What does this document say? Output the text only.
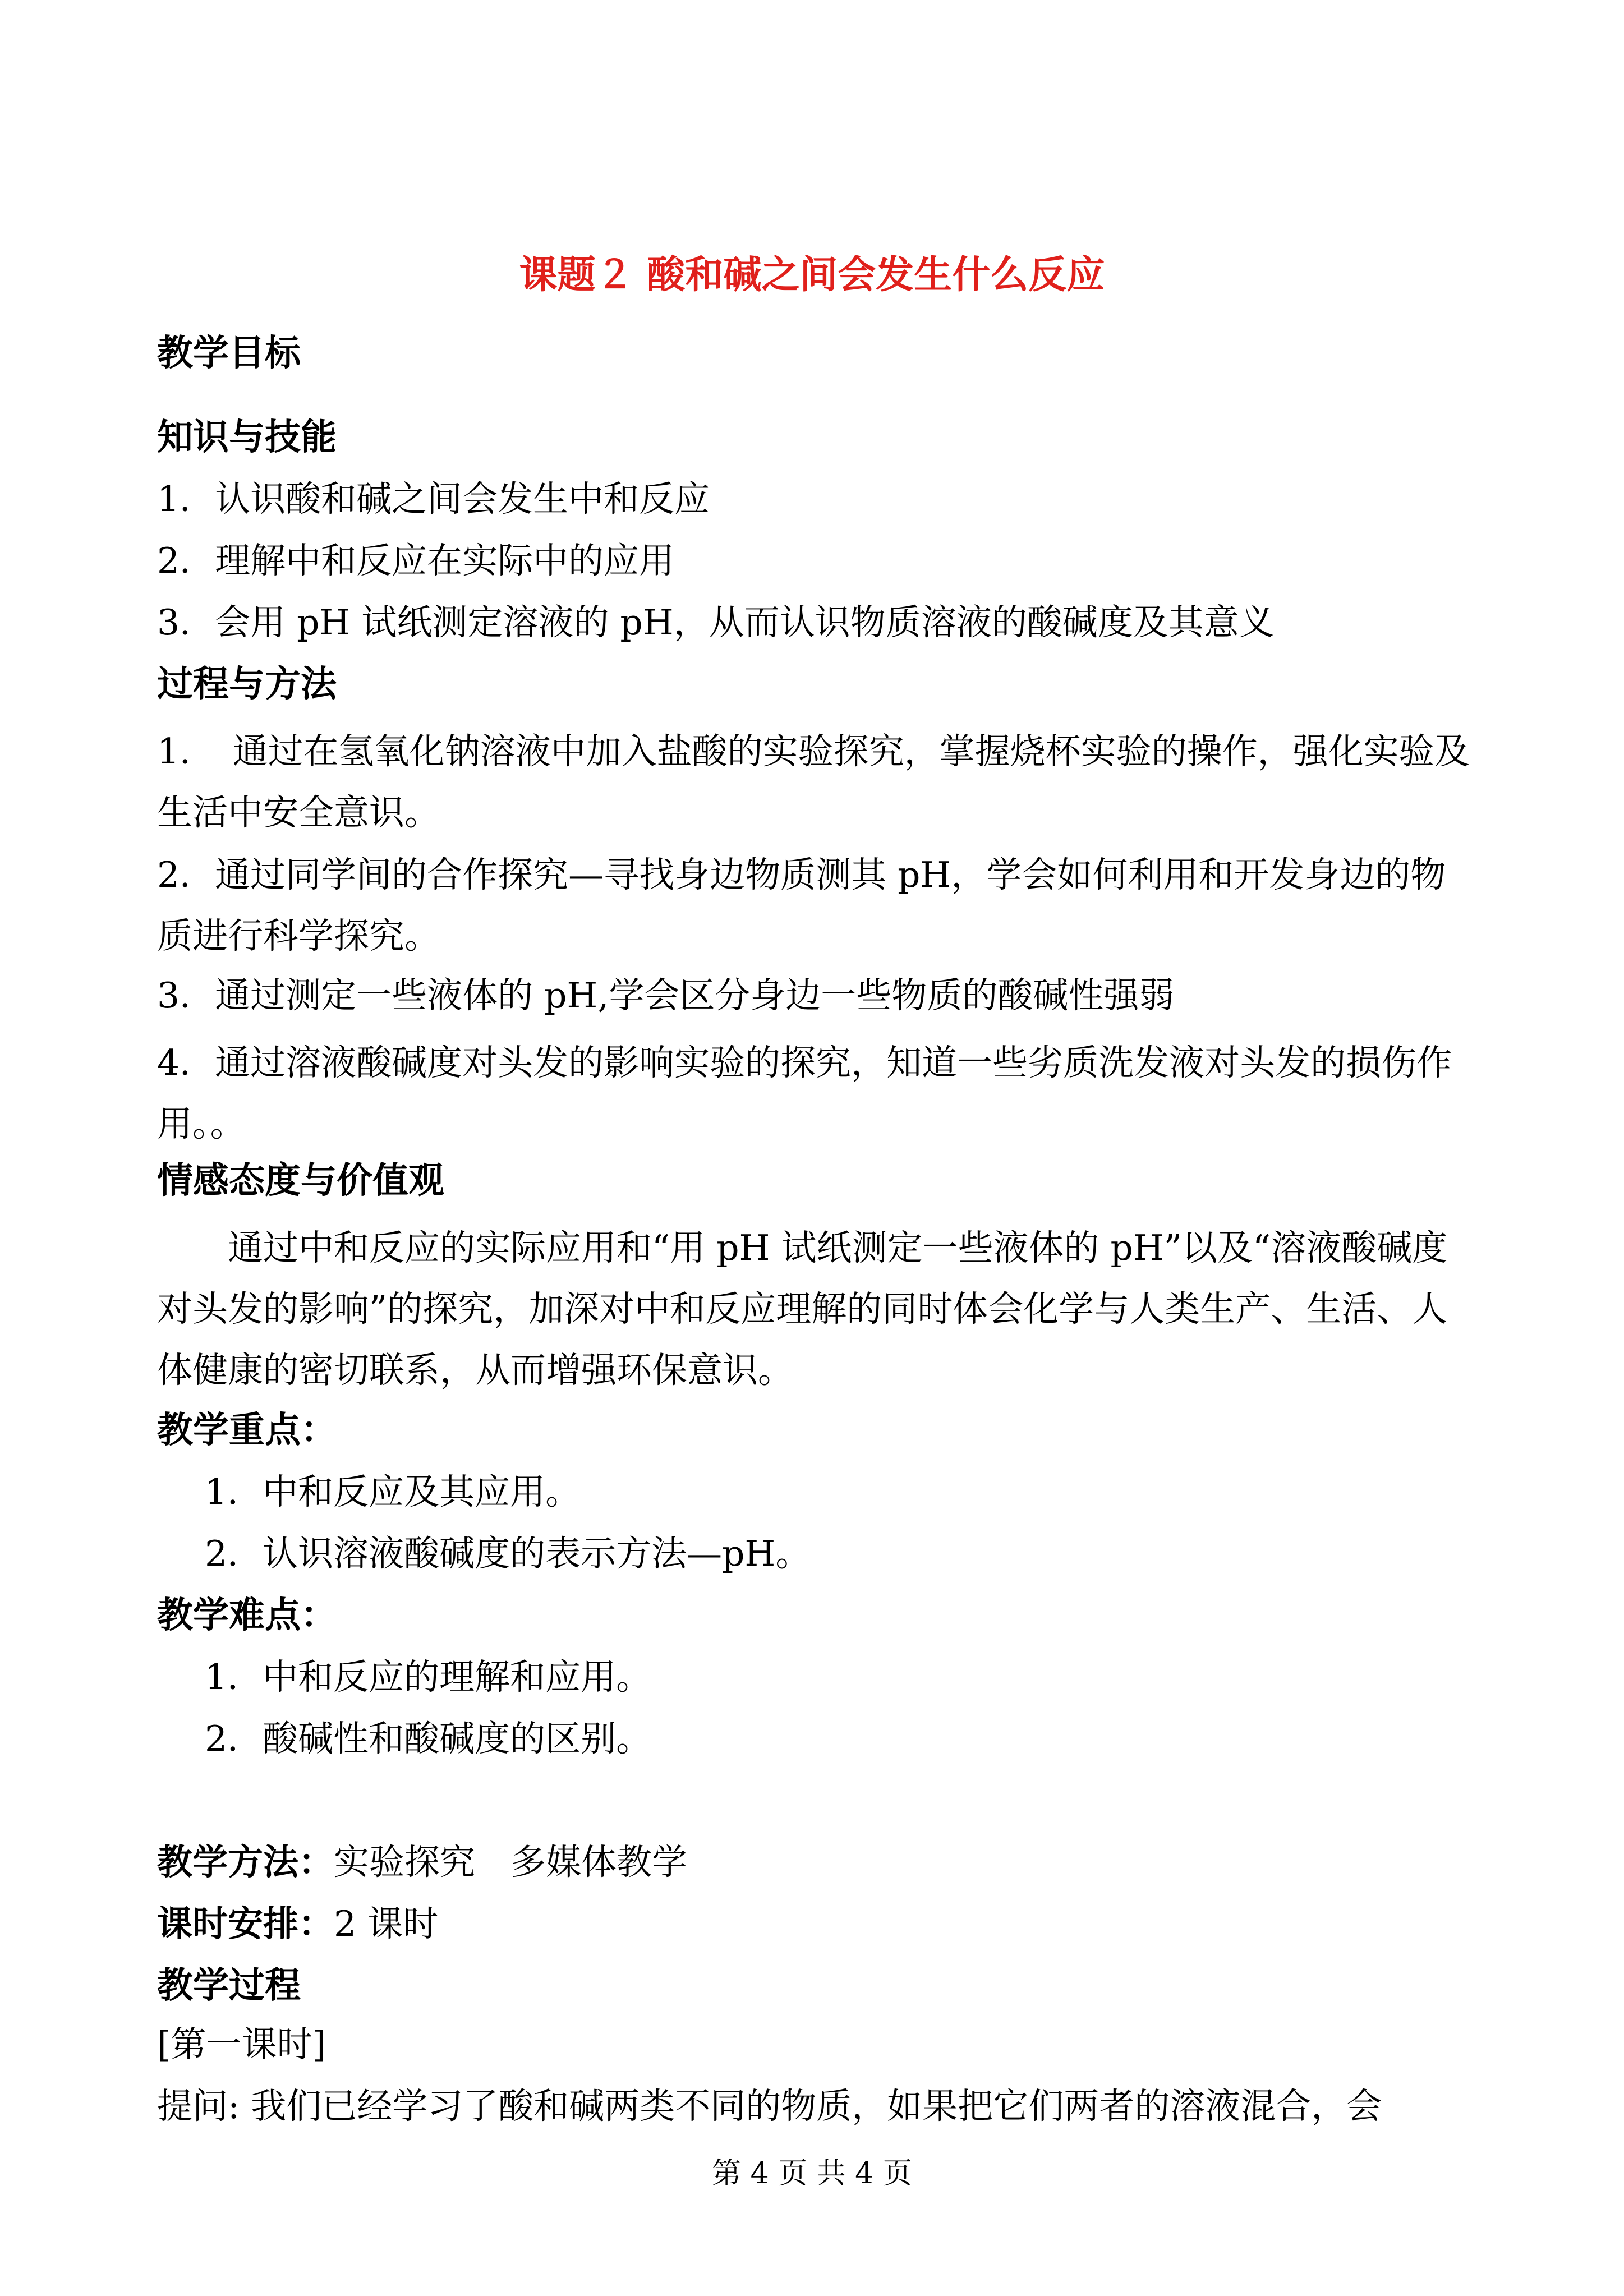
课题２ 酸和碱之间会发生什么反应
教学目标
知识与技能
1．认识酸和碱之间会发生中和反应
2．理解中和反应在实际中的应用
3．会用 pH 试纸测定溶液的 pH，从而认识物质溶液的酸碱度及其意义
过程与方法
1．　通过在氢氧化钠溶液中加入盐酸的实验探究，掌握烧杯实验的操作，强化实验及生活中安全意识。
2．通过同学间的合作探究—寻找身边物质测其 pH，学会如何利用和开发身边的物质进行科学探究。
3．通过测定一些液体的 pH,学会区分身边一些物质的酸碱性强弱
4．通过溶液酸碱度对头发的影响实验的探究，知道一些劣质洗发液对头发的损伤作用。。
情感态度与价值观
通过中和反应的实际应用和“用 pH 试纸测定一些液体的 pH”以及“溶液酸碱度对头发的影响”的探究，加深对中和反应理解的同时体会化学与人类生产、生活、人体健康的密切联系，从而增强环保意识。
教学重点：
1．中和反应及其应用。
2．认识溶液酸碱度的表示方法—pH。
教学难点：
1．中和反应的理解和应用。
2．酸碱性和酸碱度的区别。
教学方法：实验探究　多媒体教学
课时安排：2 课时
教学过程
[第一课时]
提问: 我们已经学习了酸和碱两类不同的物质，如果把它们两者的溶液混合，会
第 4 页 共 4 页
